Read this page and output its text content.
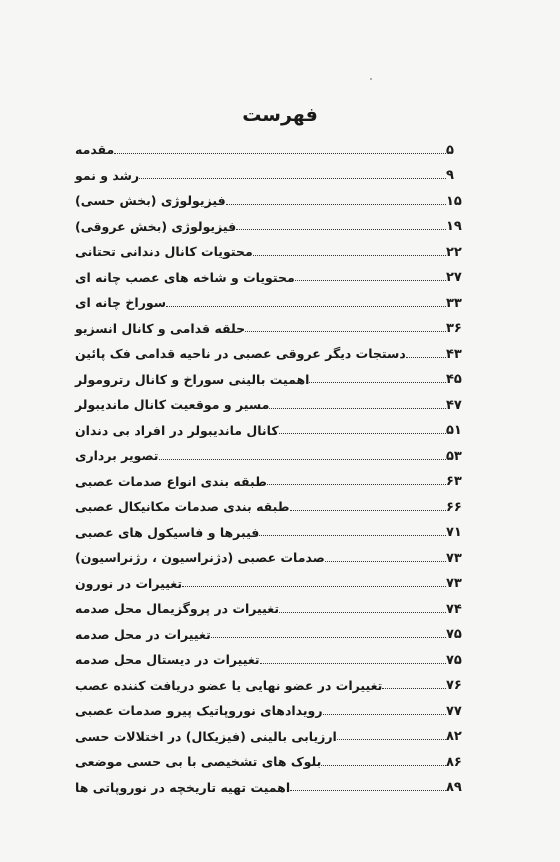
فهرست
مقدمه	۵
رشد و نمو	۹
فیزیولوژی (بخش حسی)	۱۵
فیزیولوژی (بخش عروقی)	۱۹
محتویات کانال دندانی تحتانی	۲۲
محتویات و شاخه های عصب چانه ای	۲۷
سوراخ چانه ای	۳۳
حلقه قدامی و کانال انسزیو	۳۶
دستجات دیگر عروقی عصبی در ناحیه قدامی فک پائین	۴۳
اهمیت بالینی سوراخ و کانال رترومولر	۴۵
مسیر و موقعیت کانال ماندیبولر	۴۷
کانال ماندیبولر در افراد بی دندان	۵۱
تصویر برداری	۵۳
طبقه بندی انواع صدمات عصبی	۶۳
طبقه بندی صدمات مکانیکال عصبی	۶۶
فیبرها و فاسیکول های عصبی	۷۱
صدمات عصبی (دژنراسیون ، رژنراسیون)	۷۳
تغییرات در نورون	۷۳
تغییرات در پروگزیمال محل صدمه	۷۴
تغییرات در محل صدمه	۷۵
تغییرات در دیستال محل صدمه	۷۵
تغییرات در عضو نهایی یا عضو دریافت کننده عصب	۷۶
رویدادهای نوروپاتیک پیرو صدمات عصبی	۷۷
ارزیابی بالینی (فیزیکال) در اختلالات حسی	۸۲
بلوک های تشخیصی با بی حسی موضعی	۸۶
اهمیت تهیه تاریخچه در نوروپاتی ها	۸۹
